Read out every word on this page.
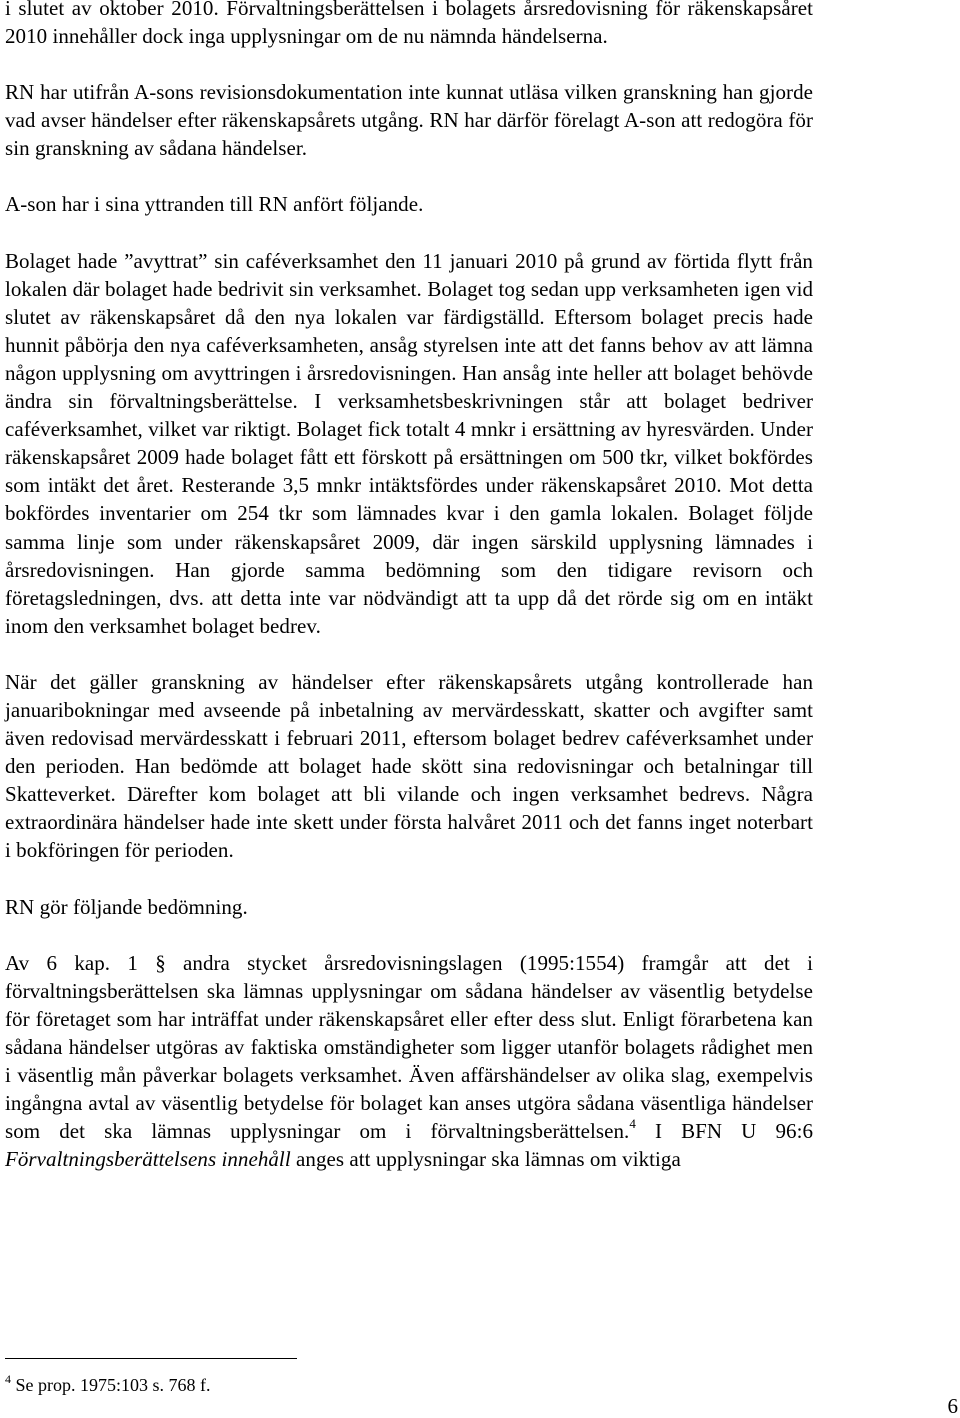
i slutet av oktober 2010. Förvaltningsberättelsen i bolagets årsredovisning för räkenskapsåret 2010 innehåller dock inga upplysningar om de nu nämnda händelserna.

RN har utifrån A-sons revisionsdokumentation inte kunnat utläsa vilken granskning han gjorde vad avser händelser efter räkenskapsårets utgång. RN har därför förelagt A-son att redogöra för sin granskning av sådana händelser.

A-son har i sina yttranden till RN anfört följande.

Bolaget hade ”avyttrat” sin caféverksamhet den 11 januari 2010 på grund av förtida flytt från lokalen där bolaget hade bedrivit sin verksamhet. Bolaget tog sedan upp verksamheten igen vid slutet av räkenskapsåret då den nya lokalen var färdigställd. Eftersom bolaget precis hade hunnit påbörja den nya caféverksamheten, ansåg styrelsen inte att det fanns behov av att lämna någon upplysning om avyttringen i årsredovisningen. Han ansåg inte heller att bolaget behövde ändra sin förvaltningsberättelse. I verksamhetsbeskrivningen står att bolaget bedriver caféverksamhet, vilket var riktigt. Bolaget fick totalt 4 mnkr i ersättning av hyresvärden. Under räkenskapsåret 2009 hade bolaget fått ett förskott på ersättningen om 500 tkr, vilket bokfördes som intäkt det året. Resterande 3,5 mnkr intäktsfördes under räkenskapsåret 2010. Mot detta bokfördes inventarier om 254 tkr som lämnades kvar i den gamla lokalen. Bolaget följde samma linje som under räkenskapsåret 2009, där ingen särskild upplysning lämnades i årsredovisningen. Han gjorde samma bedömning som den tidigare revisorn och företagsledningen, dvs. att detta inte var nödvändigt att ta upp då det rörde sig om en intäkt inom den verksamhet bolaget bedrev.

När det gäller granskning av händelser efter räkenskapsårets utgång kontrollerade han januaribokningar med avseende på inbetalning av mervärdesskatt, skatter och avgifter samt även redovisad mervärdesskatt i februari 2011, eftersom bolaget bedrev caféverksamhet under den perioden. Han bedömde att bolaget hade skött sina redovisningar och betalningar till Skatteverket. Därefter kom bolaget att bli vilande och ingen verksamhet bedrevs. Några extraordinära händelser hade inte skett under första halvåret 2011 och det fanns inget noterbart i bokföringen för perioden.

RN gör följande bedömning.

Av 6 kap. 1 § andra stycket årsredovisningslagen (1995:1554) framgår att det i förvaltningsberättelsen ska lämnas upplysningar om sådana händelser av väsentlig betydelse för företaget som har inträffat under räkenskapsåret eller efter dess slut. Enligt förarbetena kan sådana händelser utgöras av faktiska omständigheter som ligger utanför bolagets rådighet men i väsentlig mån påverkar bolagets verksamhet. Även affärshändelser av olika slag, exempelvis ingångna avtal av väsentlig betydelse för bolaget kan anses utgöra sådana väsentliga händelser som det ska lämnas upplysningar om i förvaltningsberättelsen.$^4$ I BFN U 96:6 Förvaltningsberättelsens innehåll anges att upplysningar ska lämnas om viktiga

$^4$ Se prop. 1975:103 s. 768 f.

6
